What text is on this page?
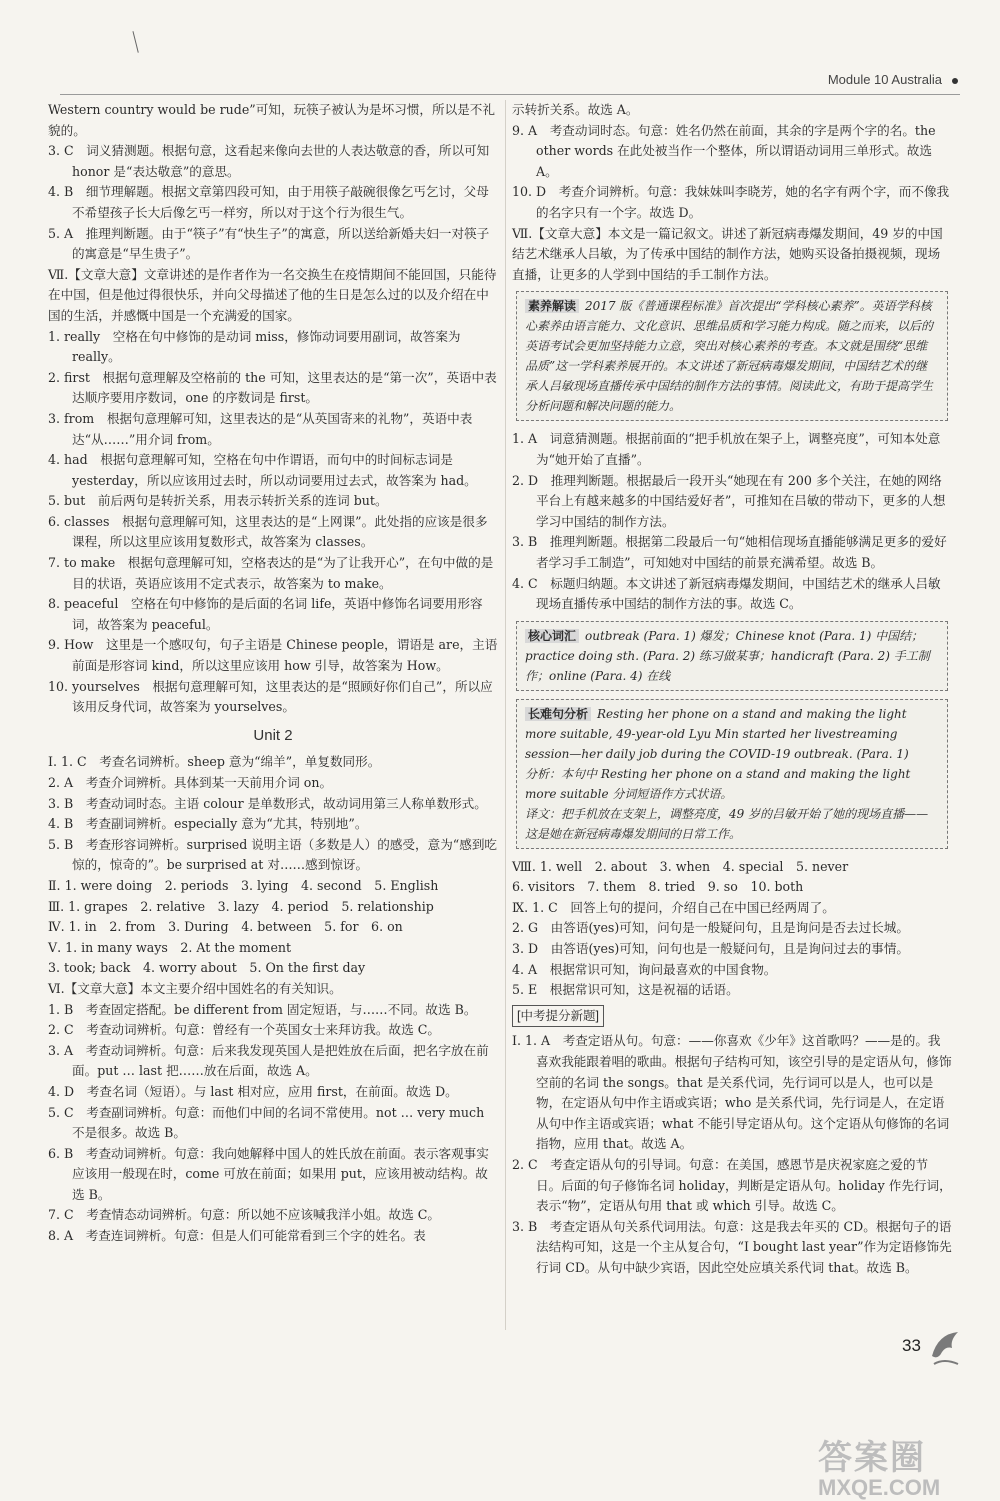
Module 10 Australia
Western country would be rude”可知，玩筷子被认为是坏习惯，所以是不礼貌的。
3. C　词义猜测题。根据句意，这看起来像向去世的人表达敬意的香，所以可知 honor 是“表达敬意”的意思。
4. B　细节理解题。根据文章第四段可知，由于用筷子敲碗很像乞丐乞讨，父母不希望孩子长大后像乞丐一样穷，所以对于这个行为很生气。
5. A　推理判断题。由于“筷子”有“快生子”的寓意，所以送给新婚夫妇一对筷子的寓意是“早生贵子”。
Ⅶ.【文章大意】文章讲述的是作者作为一名交换生在疫情期间不能回国，只能待在中国，但是他过得很快乐，并向父母描述了他的生日是怎么过的以及介绍在中国的生活，并感慨中国是一个充满爱的国家。
1. really　空格在句中修饰的是动词 miss，修饰动词要用副词，故答案为 really。
2. first　根据句意理解及空格前的 the 可知，这里表达的是“第一次”，英语中表达顺序要用序数词，one 的序数词是 first。
3. from　根据句意理解可知，这里表达的是“从英国寄来的礼物”，英语中表达“从……”用介词 from。
4. had　根据句意理解可知，空格在句中作谓语，而句中的时间标志词是 yesterday，所以应该用过去时，所以动词要用过去式，故答案为 had。
5. but　前后两句是转折关系，用表示转折关系的连词 but。
6. classes　根据句意理解可知，这里表达的是“上网课”。此处指的应该是很多课程，所以这里应该用复数形式，故答案为 classes。
7. to make　根据句意理解可知，空格表达的是“为了让我开心”，在句中做的是目的状语，英语应该用不定式表示，故答案为 to make。
8. peaceful　空格在句中修饰的是后面的名词 life，英语中修饰名词要用形容词，故答案为 peaceful。
9. How　这里是一个感叹句，句子主语是 Chinese people，谓语是 are，主语前面是形容词 kind，所以这里应该用 how 引导，故答案为 How。
10. yourselves　根据句意理解可知，这里表达的是“照顾好你们自己”，所以应该用反身代词，故答案为 yourselves。
Unit 2
Ⅰ. 1. C　考查名词辨析。sheep 意为“绵羊”，单复数同形。
2. A　考查介词辨析。具体到某一天前用介词 on。
3. B　考查动词时态。主语 colour 是单数形式，故动词用第三人称单数形式。
4. B　考查副词辨析。especially 意为“尤其，特别地”。
5. B　考查形容词辨析。surprised 说明主语（多数是人）的感受，意为“感到吃惊的，惊奇的”。be surprised at 对……感到惊讶。
Ⅱ. 1. were doing　2. periods　3. lying　4. second　5. English
Ⅲ. 1. grapes　2. relative　3. lazy　4. period　5. relationship
Ⅳ. 1. in　2. from　3. During　4. between　5. for　6. on
Ⅴ. 1. in many ways　2. At the moment
3. took; back　4. worry about　5. On the first day
Ⅵ.【文章大意】本文主要介绍中国姓名的有关知识。
1. B　考查固定搭配。be different from 固定短语，与……不同。故选 B。
2. C　考查动词辨析。句意：曾经有一个英国女士来拜访我。故选 C。
3. A　考查动词辨析。句意：后来我发现英国人是把姓放在后面，把名字放在前面。put … last 把……放在后面，故选 A。
4. D　考查名词（短语）。与 last 相对应，应用 first，在前面。故选 D。
5. C　考查副词辨析。句意：而他们中间的名词不常使用。not … very much 不是很多。故选 B。
6. B　考查动词辨析。句意：我向她解释中国人的姓氏放在前面。表示客观事实应该用一般现在时，come 可放在前面；如果用 put，应该用被动结构。故选 B。
7. C　考查情态动词辨析。句意：所以她不应该喊我洋小姐。故选 C。
8. A　考查连词辨析。句意：但是人们可能常看到三个字的姓名。表
示转折关系。故选 A。
9. A　考查动词时态。句意：姓名仍然在前面，其余的字是两个字的名。the other words 在此处被当作一个整体，所以谓语动词用三单形式。故选 A。
10. D　考查介词辨析。句意：我妹妹叫李晓芳，她的名字有两个字，而不像我的名字只有一个字。故选 D。
Ⅶ.【文章大意】本文是一篇记叙文。讲述了新冠病毒爆发期间，49 岁的中国结艺术继承人吕敏，为了传承中国结的制作方法，她购买设备拍摄视频，现场直播，让更多的人学到中国结的手工制作方法。
素养解读 2017 版《普通课程标准》首次提出“学科核心素养”。英语学科核心素养由语言能力、文化意识、思维品质和学习能力构成。随之而来，以后的英语考试会更加坚持能力立意，突出对核心素养的考查。本文就是围绕“思维品质”这一学科素养展开的。本文讲述了新冠病毒爆发期间，中国结艺术的继承人吕敏现场直播传承中国结的制作方法的事情。阅读此文，有助于提高学生分析问题和解决问题的能力。
1. A　词意猜测题。根据前面的“把手机放在架子上，调整亮度”，可知本处意为“她开始了直播”。
2. D　推理判断题。根据最后一段开头“她现在有 200 多个关注，在她的网络平台上有越来越多的中国结爱好者”，可推知在吕敏的带动下，更多的人想学习中国结的制作方法。
3. B　推理判断题。根据第二段最后一句“她相信现场直播能够满足更多的爱好者学习手工制造”，可知她对中国结的前景充满希望。故选 B。
4. C　标题归纳题。本文讲述了新冠病毒爆发期间，中国结艺术的继承人吕敏现场直播传承中国结的制作方法的事。故选 C。
核心词汇 outbreak (Para. 1) 爆发；Chinese knot (Para. 1) 中国结；practice doing sth. (Para. 2) 练习做某事；handicraft (Para. 2) 手工制作；online (Para. 4) 在线
长难句分析 Resting her phone on a stand and making the light more suitable, 49-year-old Lyu Min started her livestreaming session—her daily job during the COVID-19 outbreak. (Para. 1)
分析：本句中 Resting her phone on a stand and making the light more suitable 分词短语作方式状语。
译文：把手机放在支架上，调整亮度，49 岁的吕敏开始了她的现场直播——这是她在新冠病毒爆发期间的日常工作。
Ⅷ. 1. well　2. about　3. when　4. special　5. never
6. visitors　7. them　8. tried　9. so　10. both
Ⅸ. 1. C　回答上句的提问，介绍自己在中国已经两周了。
2. G　由答语(yes)可知，问句是一般疑问句，且是询问是否去过长城。
3. D　由答语(yes)可知，问句也是一般疑问句，且是询问过去的事情。
4. A　根据常识可知，询问最喜欢的中国食物。
5. E　根据常识可知，这是祝福的话语。
[中考提分新题]
Ⅰ. 1. A　考查定语从句。句意：——你喜欢《少年》这首歌吗？——是的。我喜欢我能跟着唱的歌曲。根据句子结构可知，该空引导的是定语从句，修饰空前的名词 the songs。that 是关系代词，先行词可以是人，也可以是物，在定语从句中作主语或宾语；who 是关系代词，先行词是人，在定语从句中作主语或宾语；what 不能引导定语从句。这个定语从句修饰的名词指物，应用 that。故选 A。
2. C　考查定语从句的引导词。句意：在美国，感恩节是庆祝家庭之爱的节日。后面的句子修饰名词 holiday，判断是定语从句。holiday 作先行词，表示“物”，定语从句用 that 或 which 引导。故选 C。
3. B　考查定语从句关系代词用法。句意：这是我去年买的 CD。根据句子的语法结构可知，这是一个主从复合句，“I bought last year”作为定语修饰先行词 CD。从句中缺少宾语，因此空处应填关系代词 that。故选 B。
33
答案圈
MXQE.COM
